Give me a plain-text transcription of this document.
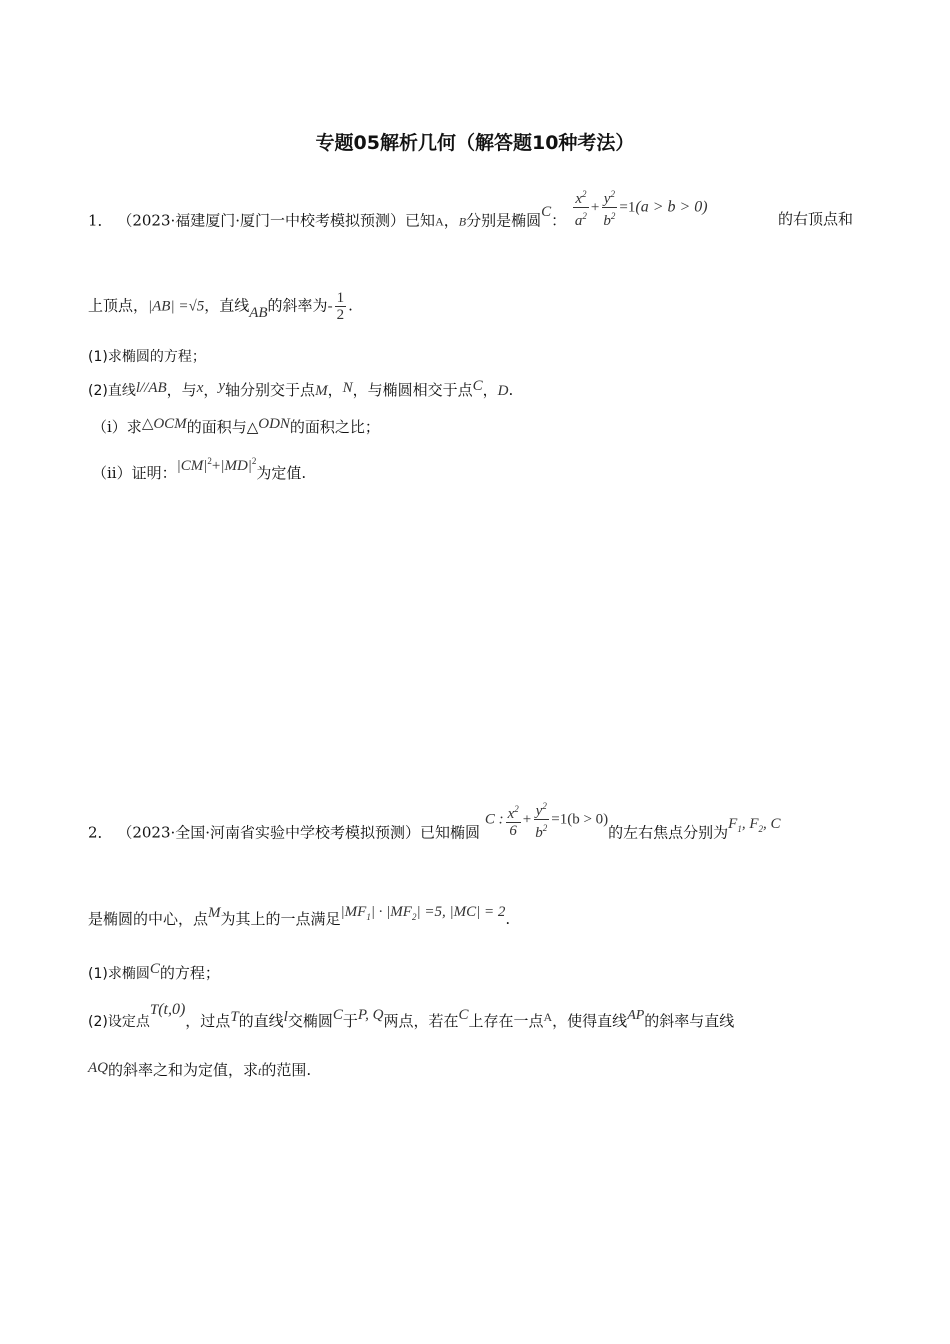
专题05解析几何（解答题10种考法）
1． （2023·福建厦门·厦门一中校考模拟预测）已知A，B分别是椭圆C： $\frac{x^2}{a^2} + \frac{y^2}{b^2} =1(a > b > 0)$
的右顶点和
上顶点，|AB| =√5，直线AB的斜率为- $\frac{1}{2}$ .
(1)求椭圆的方程；
(2)直线l//AB，与x，y轴分别交于点M，N，与椭圆相交于点C，D.
（i）求△OCM的面积与△ODN的面积之比；
（ii）证明：$|CM|^2+|MD|^2$为定值.
2． （2023·全国·河南省实验中学校考模拟预测）已知椭圆 C : $\frac{x^2}{6} + \frac{y^2}{b^2} =1(b > 0)$的左右焦点分别为$F_1$, $F_2$, C
是椭圆的中心，点M为其上的一点满足$|MF_1| \cdot |MF_2| =5$, |MC| = 2.
(1)求椭圆C的方程；
(2)设定点T(t,0)，过点T的直线l交椭圆C于P, Q两点，若在C上存在一点$^A$，使得直线AP的斜率与直线
AQ的斜率之和为定值，求t的范围.
